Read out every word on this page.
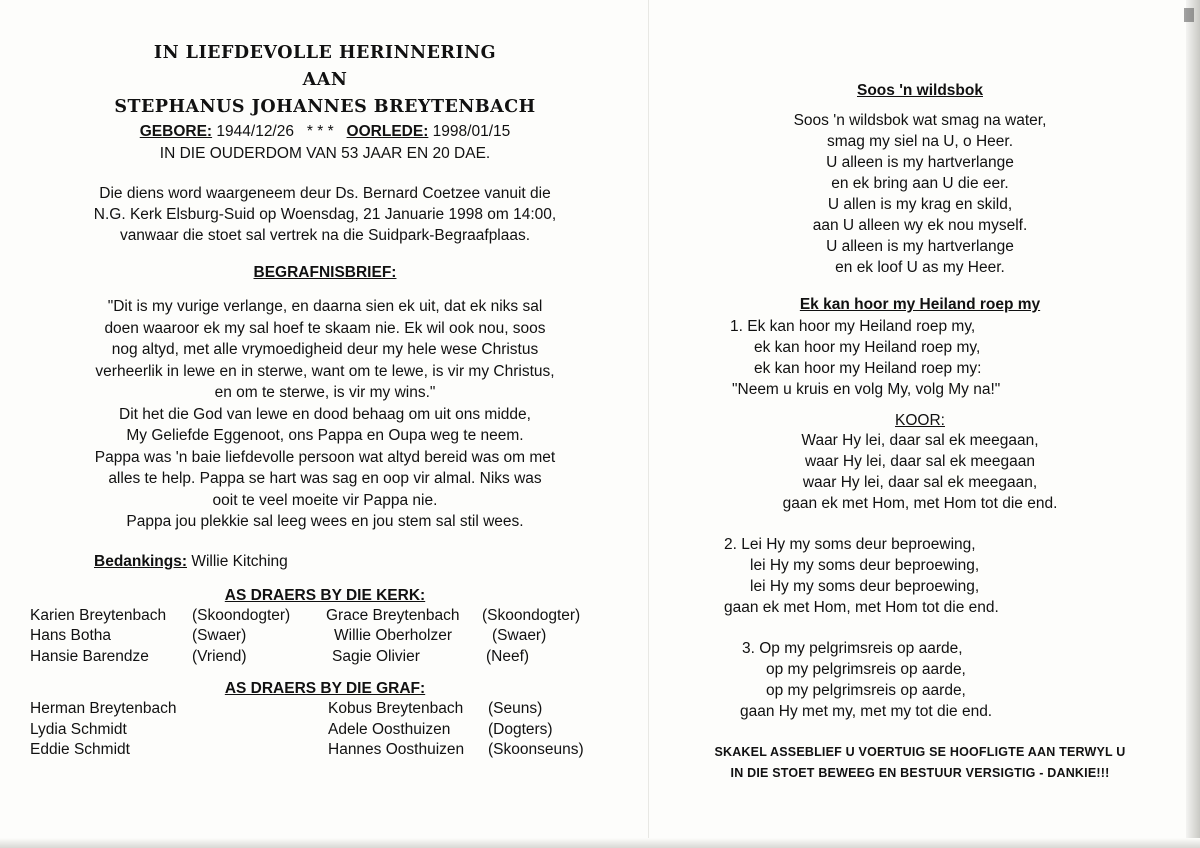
IN LIEFDEVOLLE HERINNERING
AAN
STEPHANUS JOHANNES BREYTENBACH
GEBORE: 1944/12/26 * * * OORLEDE: 1998/01/15
IN DIE OUDERDOM VAN 53 JAAR EN 20 DAE.
Die diens word waargeneem deur Ds. Bernard Coetzee vanuit die
N.G. Kerk Elsburg-Suid op Woensdag, 21 Januarie 1998 om 14:00,
vanwaar die stoet sal vertrek na die Suidpark-Begraafplaas.
BEGRAFNISBRIEF:
"Dit is my vurige verlange, en daarna sien ek uit, dat ek niks sal
doen waaroor ek my sal hoef te skaam nie. Ek wil ook nou, soos
nog altyd, met alle vrymoedigheid deur my hele wese Christus
verheerlik in lewe en in sterwe, want om te lewe, is vir my Christus,
en om te sterwe, is vir my wins."
Dit het die God van lewe en dood behaag om uit ons midde,
My Geliefde Eggenoot, ons Pappa en Oupa weg te neem.
Pappa was 'n baie liefdevolle persoon wat altyd bereid was om met
alles te help. Pappa se hart was sag en oop vir almal. Niks was
ooit te veel moeite vir Pappa nie.
Pappa jou plekkie sal leeg wees en jou stem sal stil wees.
Bedankings: Willie Kitching
AS DRAERS BY DIE KERK:
Karien Breytenbach	(Skoondogter)	Grace Breytenbach	(Skoondogter)
Hans Botha	(Swaer)	Willie Oberholzer	(Swaer)
Hansie Barendze	(Vriend)	Sagie Olivier	(Neef)
AS DRAERS BY DIE GRAF:
Herman Breytenbach	Kobus Breytenbach	(Seuns)
Lydia Schmidt	Adele Oosthuizen	(Dogters)
Eddie Schmidt	Hannes Oosthuizen	(Skoonseuns)
Soos 'n wildsbok
Soos 'n wildsbok wat smag na water,
smag my siel na U, o Heer.
U alleen is my hartverlange
en ek bring aan U die eer.
U allen is my krag en skild,
aan U alleen wy ek nou myself.
U alleen is my hartverlange
en ek loof U as my Heer.
Ek kan hoor my Heiland roep my
1. Ek kan hoor my Heiland roep my,
ek kan hoor my Heiland roep my,
ek kan hoor my Heiland roep my:
"Neem u kruis en volg My, volg My na!"
KOOR:
Waar Hy lei, daar sal ek meegaan,
waar Hy lei, daar sal ek meegaan
waar Hy lei, daar sal ek meegaan,
gaan ek met Hom, met Hom tot die end.
2. Lei Hy my soms deur beproewing,
lei Hy my soms deur beproewing,
lei Hy my soms deur beproewing,
gaan ek met Hom, met Hom tot die end.
3. Op my pelgrimsreis op aarde,
op my pelgrimsreis op aarde,
op my pelgrimsreis op aarde,
gaan Hy met my, met my tot die end.
SKAKEL ASSEBLIEF U VOERTUIG SE HOOFLIGTE AAN TERWYL U
IN DIE STOET BEWEEG EN BESTUUR VERSIGTIG - DANKIE!!!
